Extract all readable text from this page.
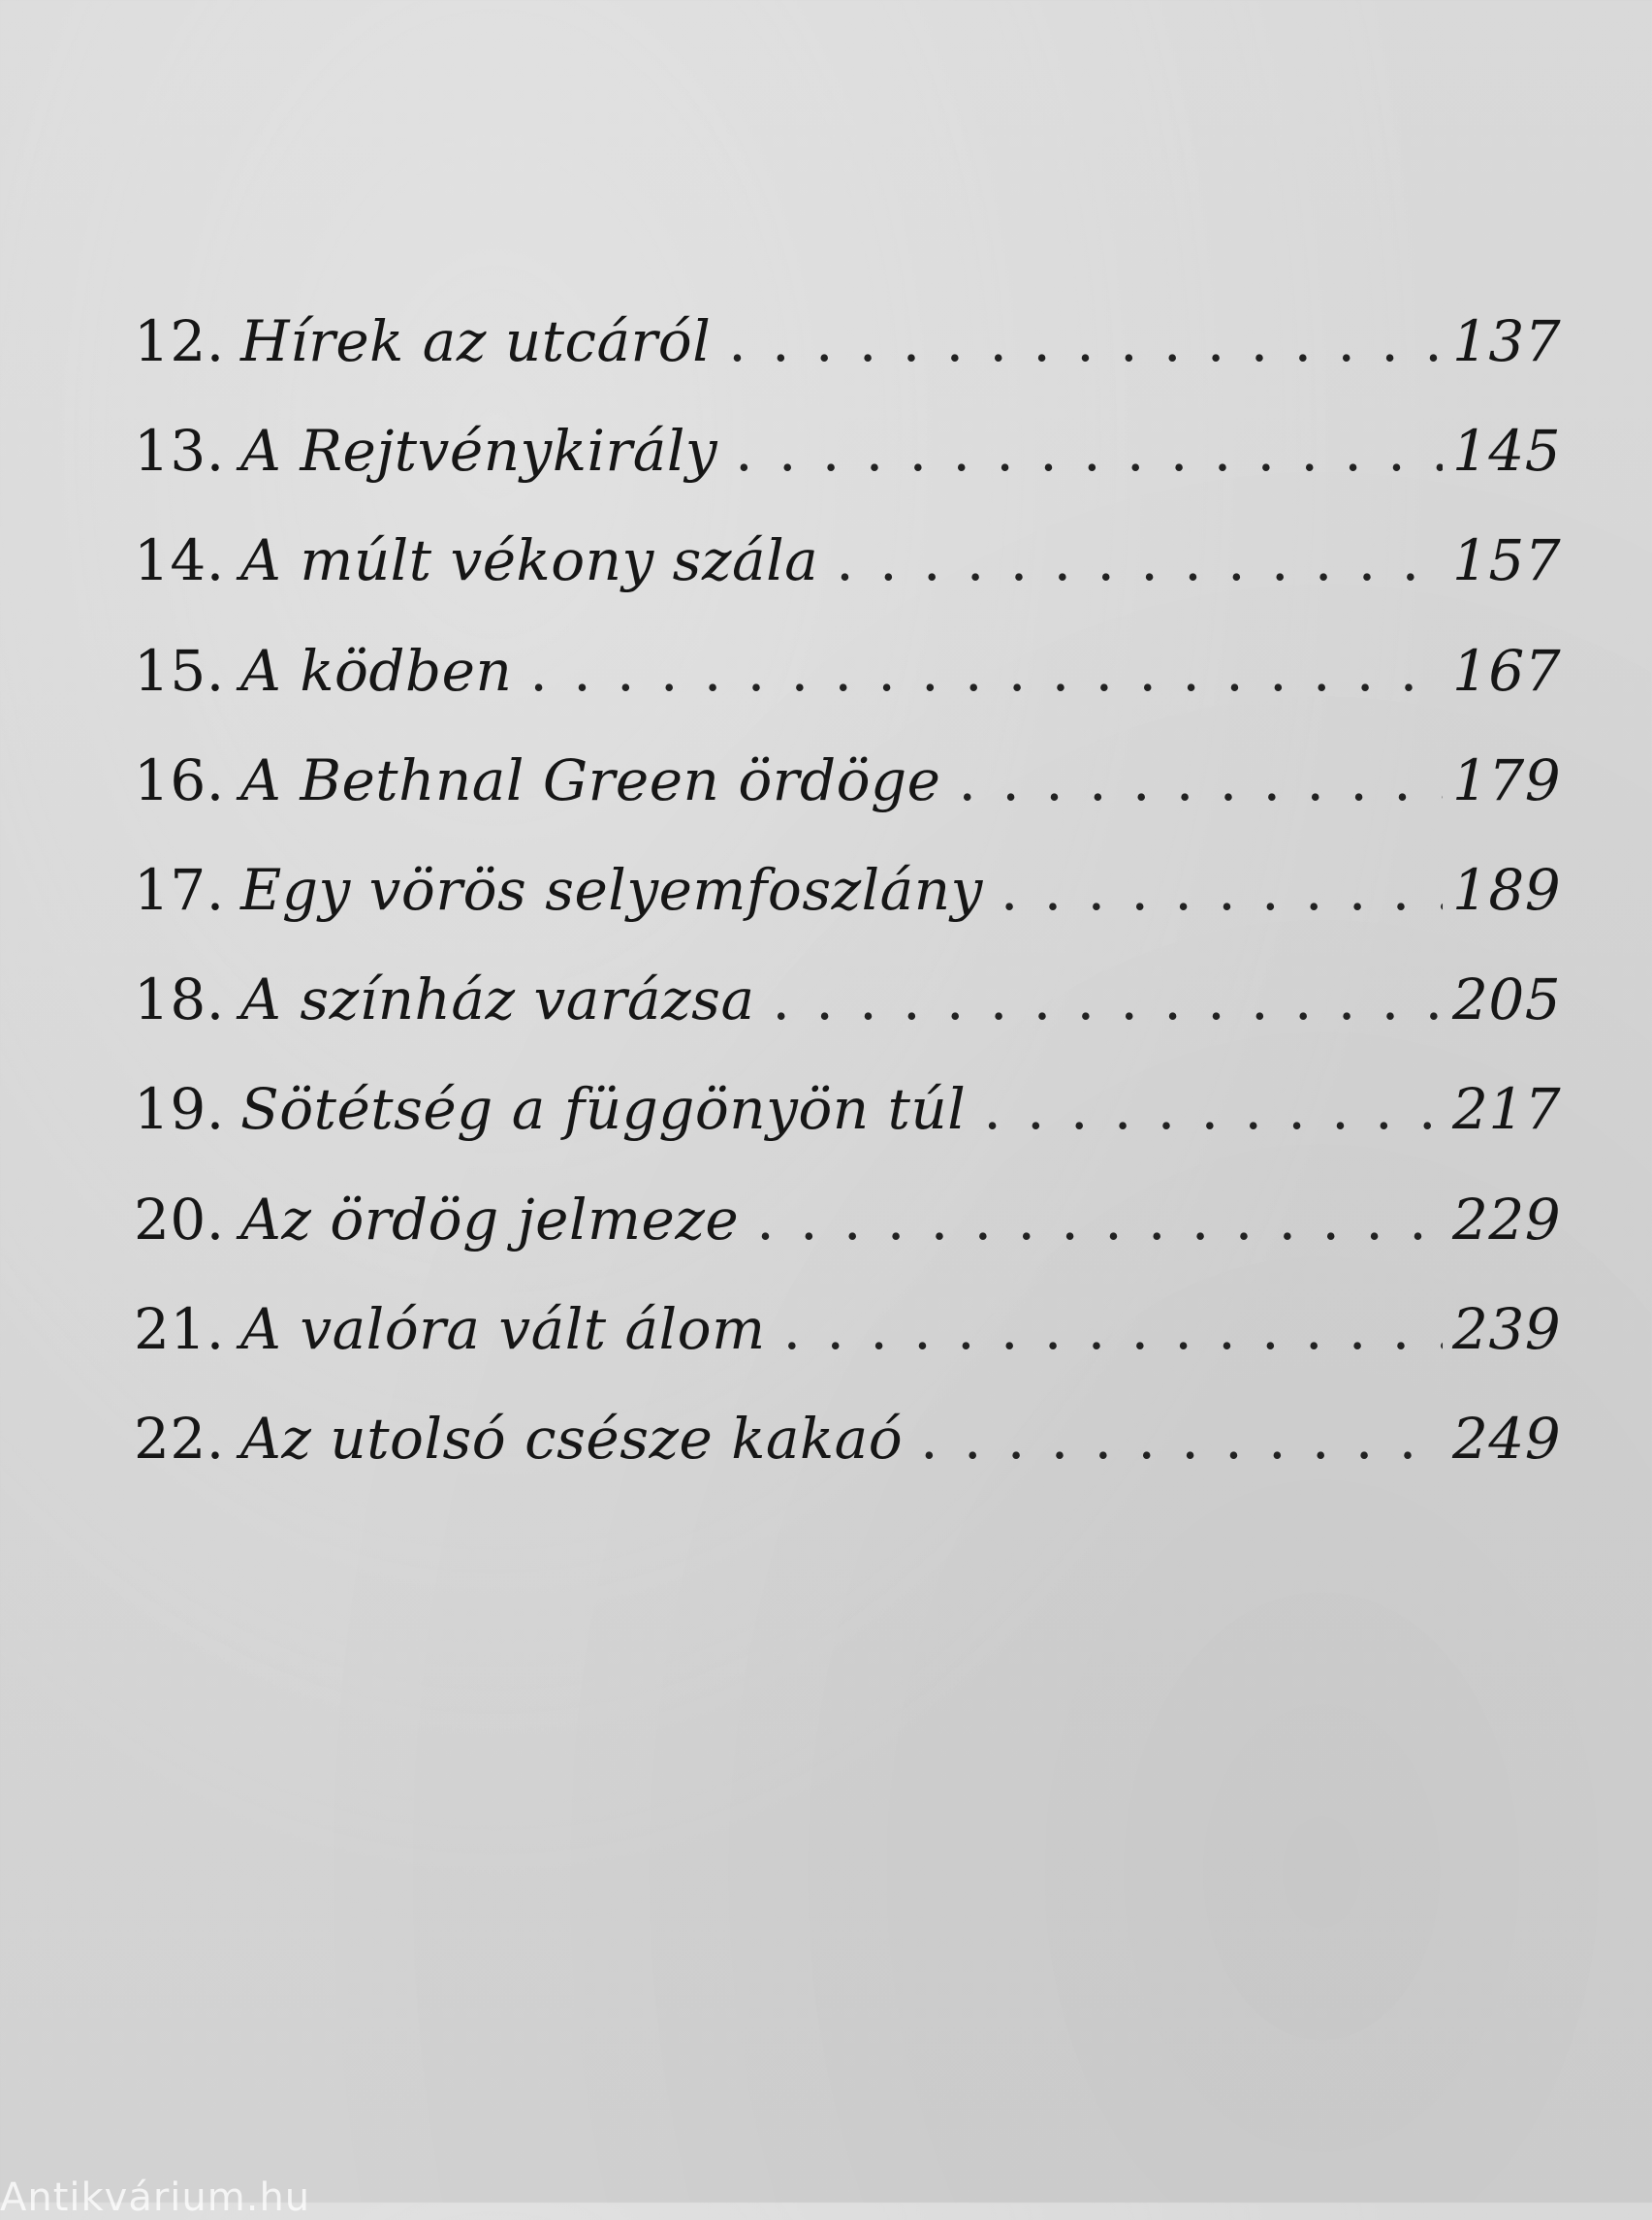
12. Hírek az utcáról . . .	137
13. A Rejtvénykirály . . .	145
14. A múlt vékony szála . . .	157
15. A ködben . . .	167
16. A Bethnal Green ördöge . . .	179
17. Egy vörös selyemfoszlány . . .	189
18. A színház varázsa . . .	205
19. Sötétség a függönyön túl . . .	217
20. Az ördög jelmeze . . .	229
21. A valóra vált álom . . .	239
22. Az utolsó csésze kakaó . . .	249
Antikvárium.hu
